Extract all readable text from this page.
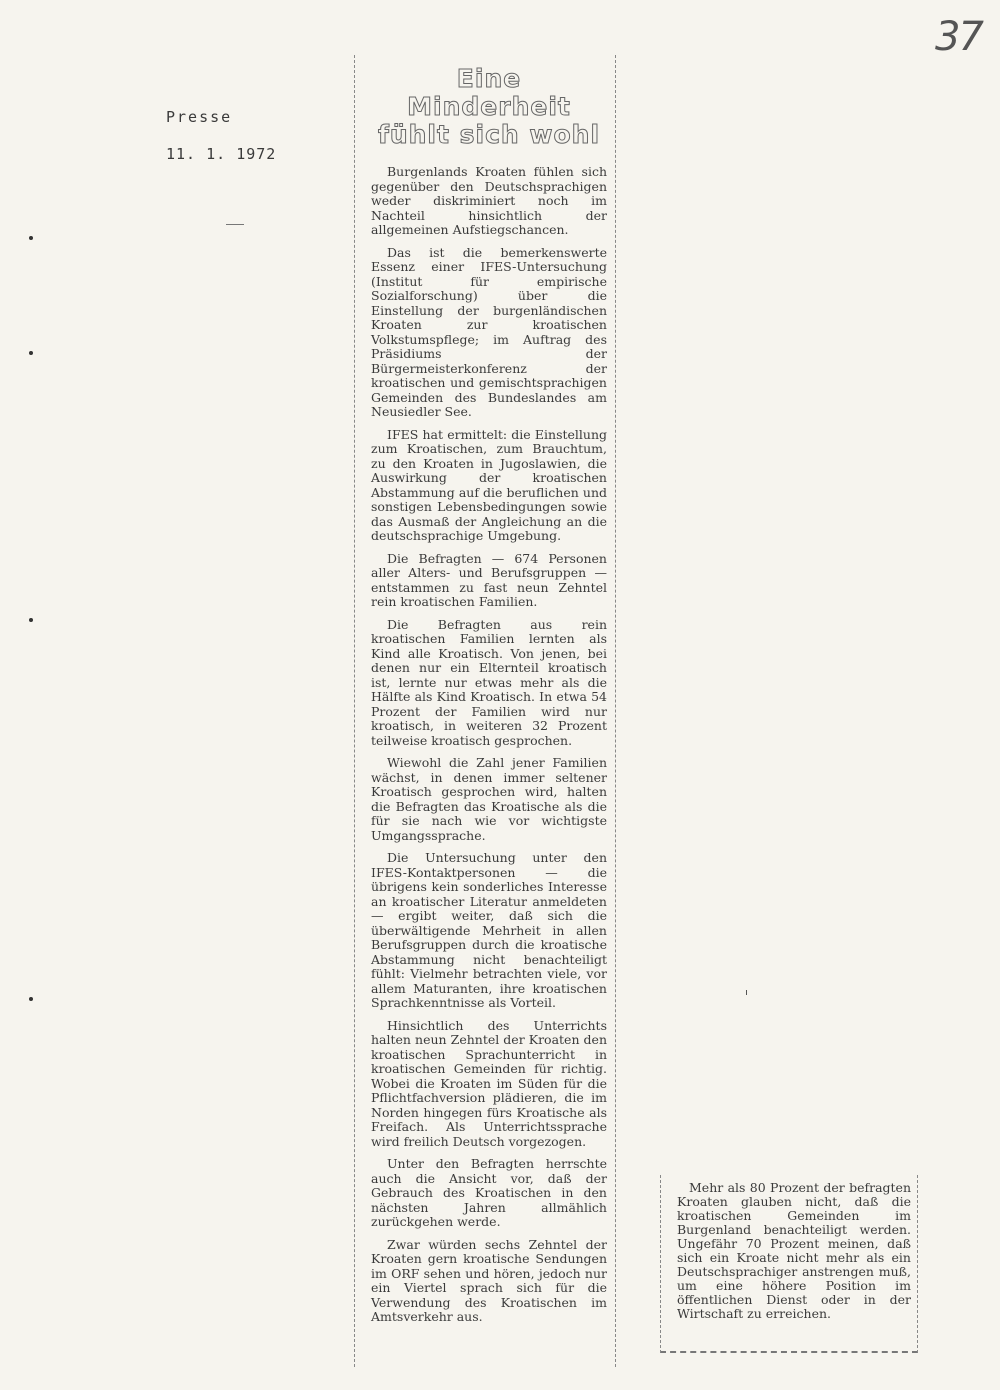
37
Presse
11. 1. 1972
Eine Minderheit fühlt sich wohl

Burgenlands Kroaten fühlen sich gegenüber den Deutschsprachigen weder diskriminiert noch im Nachteil hinsichtlich der allgemeinen Aufstiegschancen.

Das ist die bemerkenswerte Essenz einer IFES-Untersuchung (Institut für empirische Sozialforschung) über die Einstellung der burgenländischen Kroaten zur kroatischen Volkstumspflege; im Auftrag des Präsidiums der Bürgermeisterkonferenz der kroatischen und gemischtsprachigen Gemeinden des Bundeslandes am Neusiedler See.

IFES hat ermittelt: die Einstellung zum Kroatischen, zum Brauchtum, zu den Kroaten in Jugoslawien, die Auswirkung der kroatischen Abstammung auf die beruflichen und sonstigen Lebensbedingungen sowie das Ausmaß der Angleichung an die deutschsprachige Umgebung.

Die Befragten — 674 Personen aller Alters- und Berufsgruppen — entstammen zu fast neun Zehntel rein kroatischen Familien.

Die Befragten aus rein kroatischen Familien lernten als Kind alle Kroatisch. Von jenen, bei denen nur ein Elternteil kroatisch ist, lernte nur etwas mehr als die Hälfte als Kind Kroatisch. In etwa 54 Prozent der Familien wird nur kroatisch, in weiteren 32 Prozent teilweise kroatisch gesprochen.

Wiewohl die Zahl jener Familien wächst, in denen immer seltener Kroatisch gesprochen wird, halten die Befragten das Kroatische als die für sie nach wie vor wichtigste Umgangssprache.

Die Untersuchung unter den IFES-Kontaktpersonen — die übrigens kein sonderliches Interesse an kroatischer Literatur anmeldeten — ergibt weiter, daß sich die überwältigende Mehrheit in allen Berufsgruppen durch die kroatische Abstammung nicht benachteiligt fühlt: Vielmehr betrachten viele, vor allem Maturanten, ihre kroatischen Sprachkenntnisse als Vorteil.

Hinsichtlich des Unterrichts halten neun Zehntel der Kroaten den kroatischen Sprachunterricht in kroatischen Gemeinden für richtig. Wobei die Kroaten im Süden für die Pflichtfachversion plädieren, die im Norden hingegen fürs Kroatische als Freifach. Als Unterrichtssprache wird freilich Deutsch vorgezogen.

Unter den Befragten herrschte auch die Ansicht vor, daß der Gebrauch des Kroatischen in den nächsten Jahren allmählich zurückgehen werde.

Zwar würden sechs Zehntel der Kroaten gern kroatische Sendungen im ORF sehen und hören, jedoch nur ein Viertel sprach sich für die Verwendung des Kroatischen im Amtsverkehr aus.

Mehr als 80 Prozent der befragten Kroaten glauben nicht, daß die kroatischen Gemeinden im Burgenland benachteiligt werden. Ungefähr 70 Prozent meinen, daß sich ein Kroate nicht mehr als ein Deutschsprachiger anstrengen muß, um eine höhere Position im öffentlichen Dienst oder in der Wirtschaft zu erreichen.
